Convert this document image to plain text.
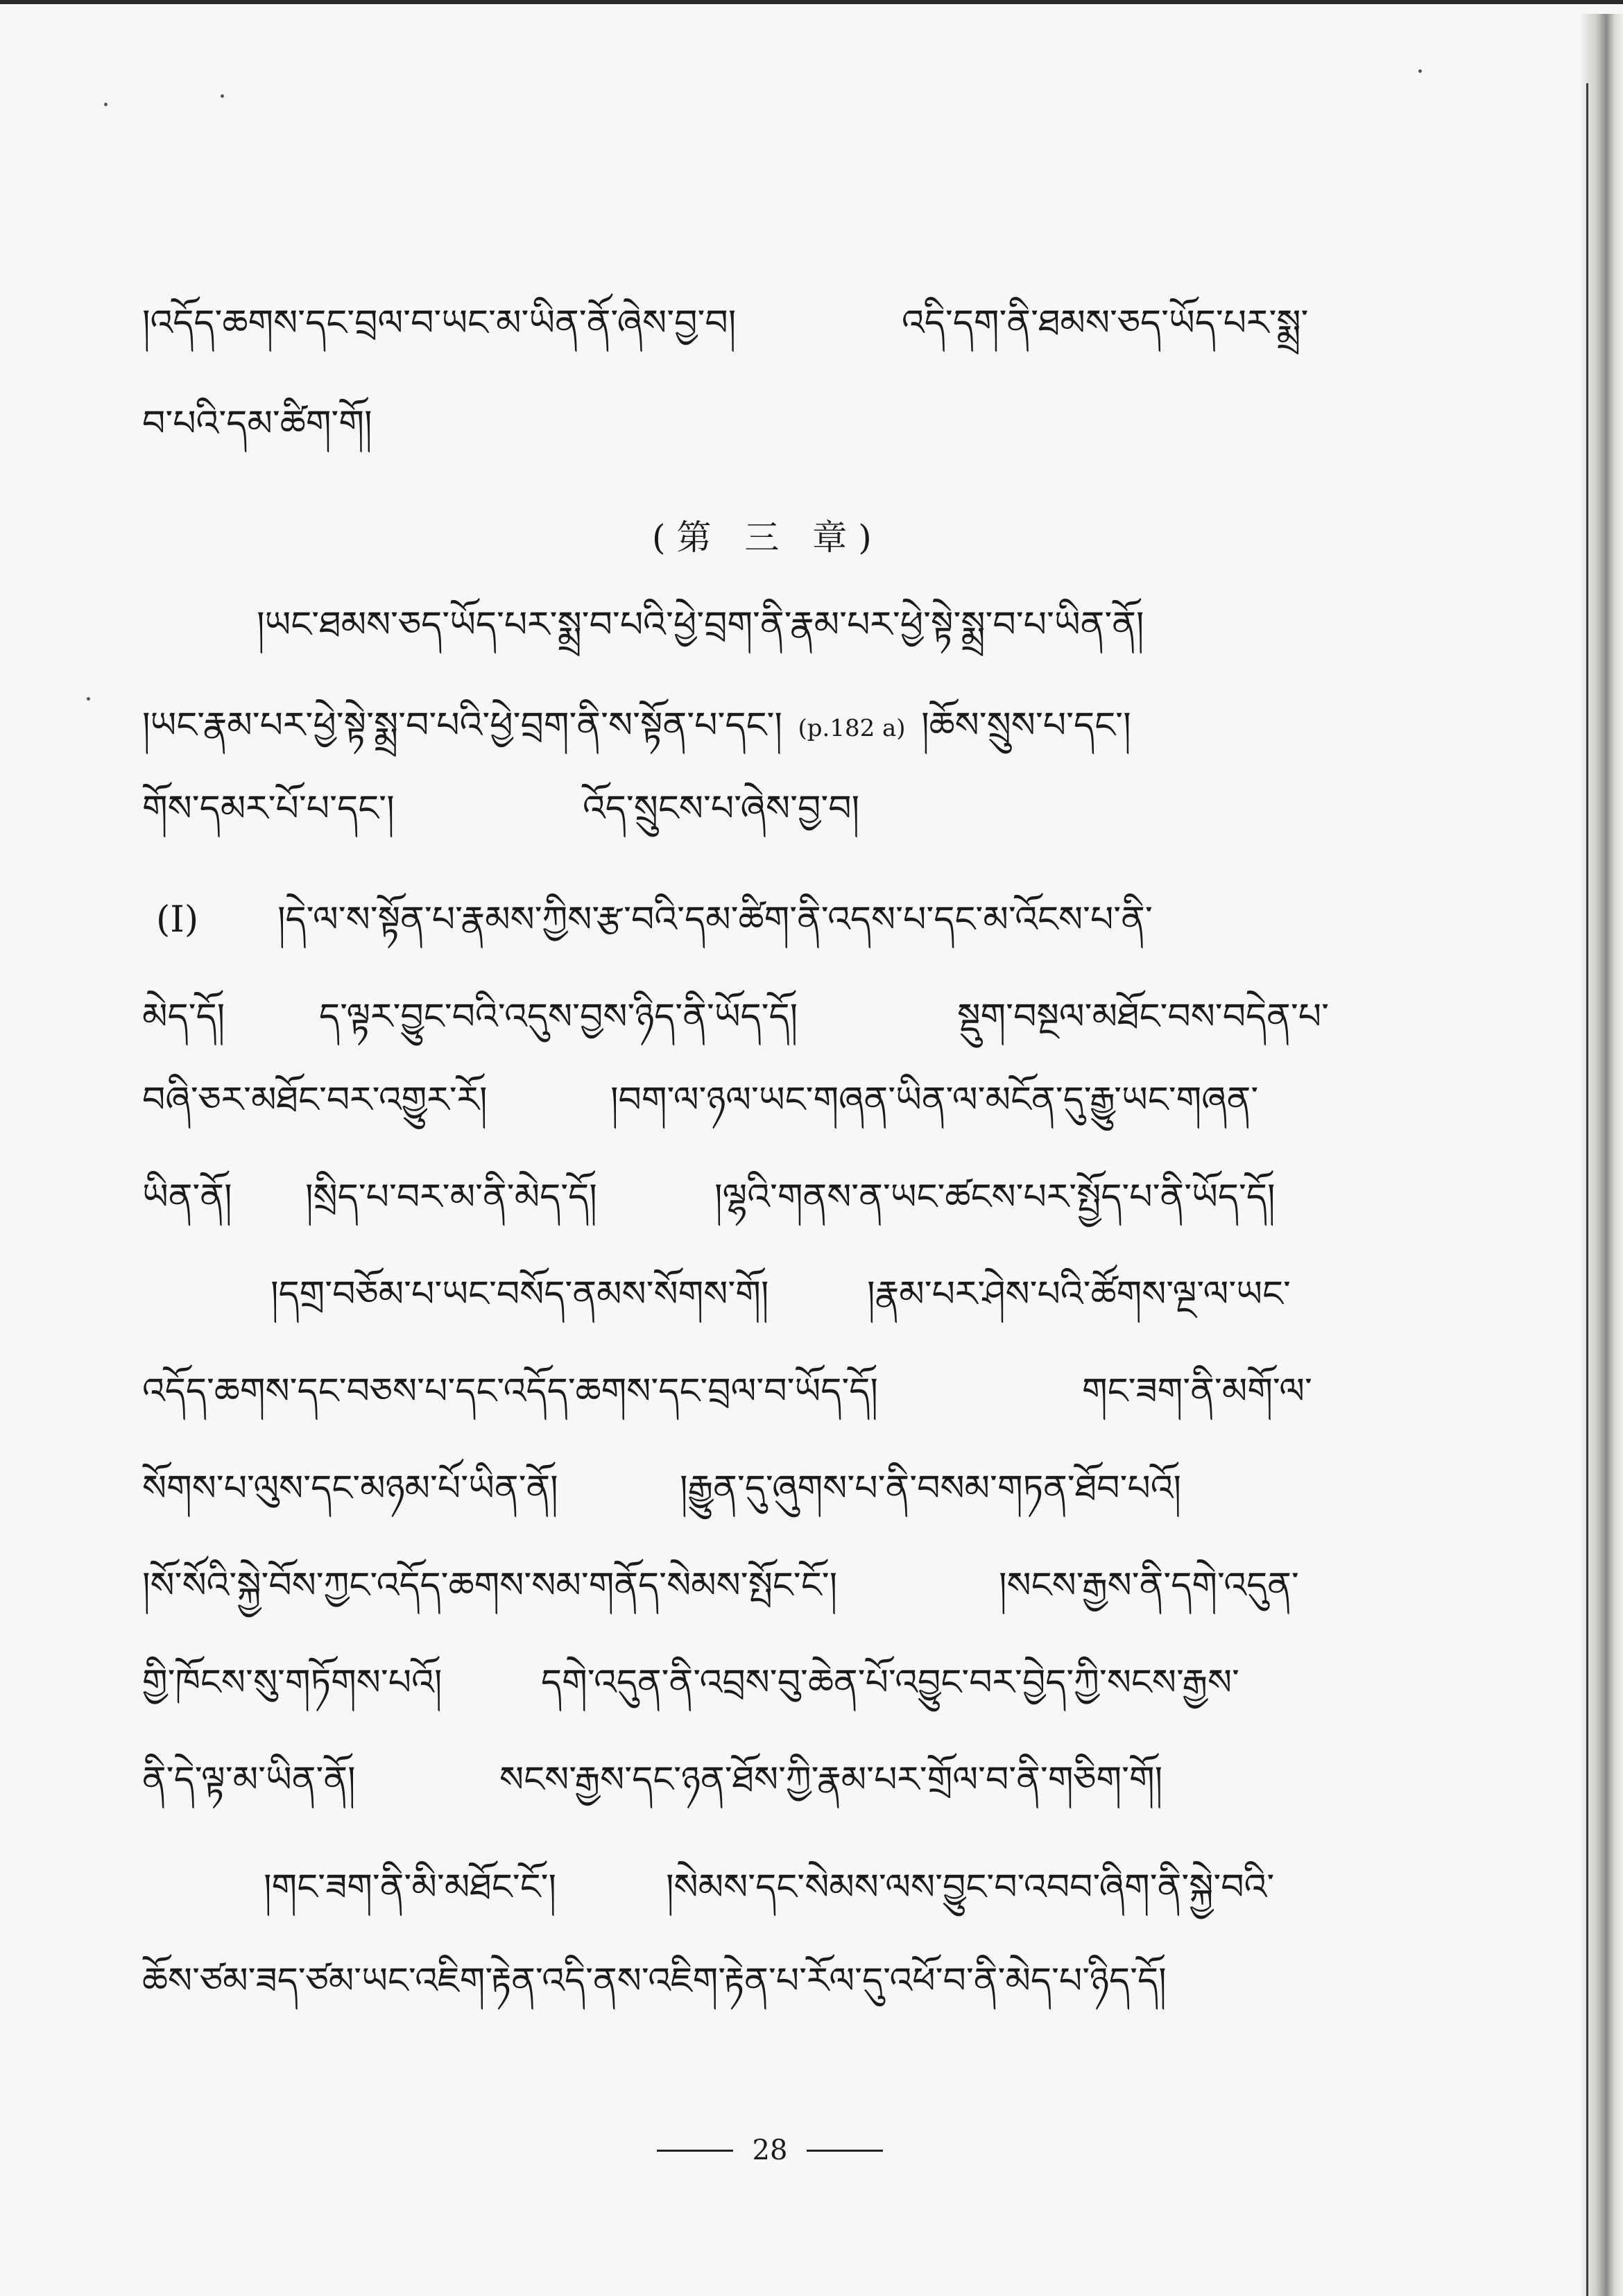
།འདོད་ཆགས་དང་བྲལ་བ་ཡང་མ་ཡིན་ནོ་ཞེས་བྱ་བ།	འདི་དག་ནི་ཐམས་ཅད་ཡོད་པར་སྨྲ་
བ་པའི་དམ་ཚིག་གོ།
(第 三 章)
།ཡང་ཐམས་ཅད་ཡོད་པར་སྨྲ་བ་པའི་ཕྱེ་བྲག་ནི་རྣམ་པར་ཕྱེ་སྟེ་སྨྲ་བ་པ་ཡིན་ནོ།
།ཡང་རྣམ་པར་ཕྱེ་སྟེ་སྨྲ་བ་པའི་ཕྱེ་བྲག་ནི་ས་སྟོན་པ་དང་། (p.182 a) །ཆོས་སྲུས་པ་དང་།
གོས་དམར་པོ་པ་དང་།	འོད་སྲུངས་པ་ཞེས་བྱ་བ།
(I) །དེ་ལ་ས་སྟོན་པ་རྣམས་ཀྱིས་རྩ་བའི་དམ་ཚིག་ནི་འདས་པ་དང་མ་འོངས་པ་ནི་
མེད་དོ།	ད་ལྟར་བྱུང་བའི་འདུས་བྱས་ཉིད་ནི་ཡོད་དོ།	སྡུག་བསྔལ་མཐོང་བས་བདེན་པ་
བཞི་ཅར་མཐོང་བར་འགྱུར་རོ།	།བག་ལ་ཉལ་ཡང་གཞན་ཡིན་ལ་མངོན་དུ་རྒྱུ་ཡང་གཞན་
ཡིན་ནོ། །སྲིད་པ་བར་མ་ནི་མེད་དོ།	།ལྷའི་གནས་ན་ཡང་ཚངས་པར་སྤྱོད་པ་ནི་ཡོད་དོ།
།དགྲ་བཅོམ་པ་ཡང་བསོད་ནམས་སོགས་གོ།	།རྣམ་པར་ཤེས་པའི་ཚོགས་ལྔ་ལ་ཡང་
འདོད་ཆགས་དང་བཅས་པ་དང་འདོད་ཆགས་དང་བྲལ་བ་ཡོད་དོ།	གང་ཟག་ནི་མགོ་ལ་
སོགས་པ་ལུས་དང་མཉམ་པོ་ཡིན་ནོ།	།རྒྱུན་དུ་ཞུགས་པ་ནི་བསམ་གཏན་ཐོབ་པའོ།
།སོ་སོའི་སྐྱེ་བོས་ཀྱང་འདོད་ཆགས་སམ་གནོད་སེམས་སྤོང་ངོ་།	།སངས་རྒྱས་ནི་དགེ་འདུན་
གྱི་ཁོངས་སུ་གཏོགས་པའོ།	དགེ་འདུན་ནི་འབྲས་བུ་ཆེན་པོ་འབྱུང་བར་བྱེད་ཀྱི་སངས་རྒྱས་
ནི་དེ་ལྟ་མ་ཡིན་ནོ།	སངས་རྒྱས་དང་ཉན་ཐོས་ཀྱི་རྣམ་པར་གྲོལ་བ་ནི་གཅིག་གོ།
།གང་ཟག་ནི་མི་མཐོང་ངོ་།	།སེམས་དང་སེམས་ལས་བྱུང་བ་འབབ་ཞིག་ནི་སྐྱེ་བའི་
ཆོས་ཙམ་ཟད་ཙམ་ཡང་འཇིག་རྟེན་འདི་ནས་འཇིག་རྟེན་པ་རོལ་དུ་འཕོ་བ་ནི་མེད་པ་ཉིད་དོ།
28
